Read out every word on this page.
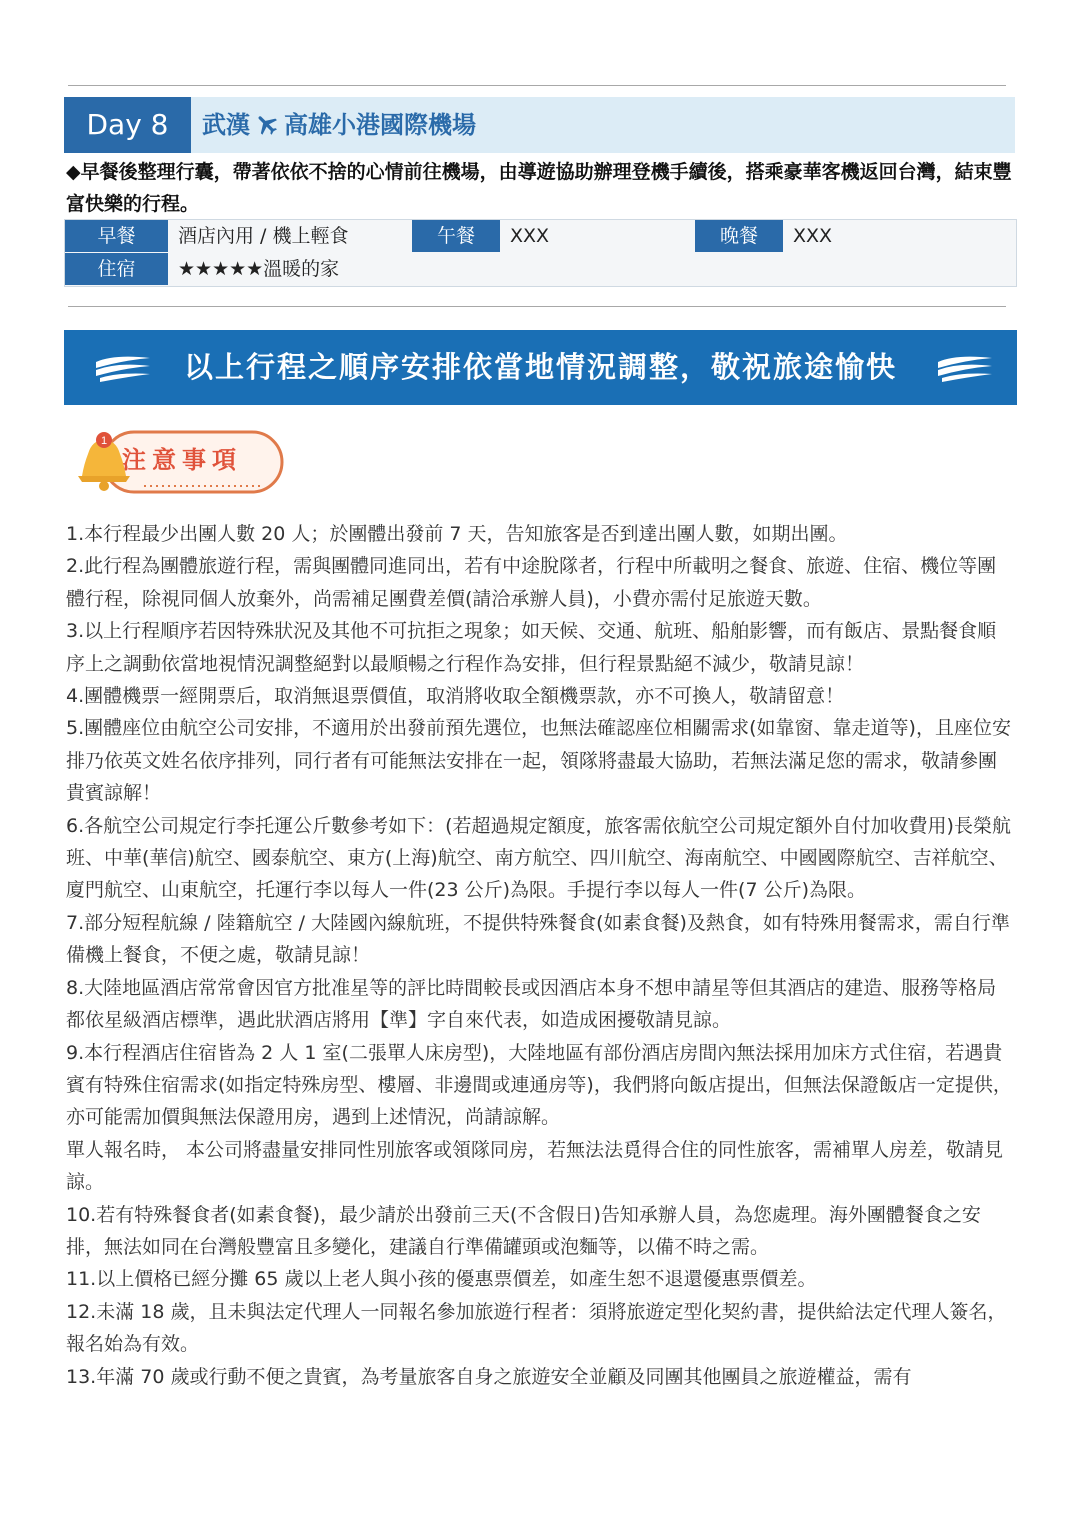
Day 8	武漢 高雄小港國際機場
◆早餐後整理行囊，帶著依依不捨的心情前往機場，由導遊協助辦理登機手續後，搭乘豪華客機返回台灣，結束豐富快樂的行程。
早餐	酒店內用 / 機上輕食	午餐	XXX	晚餐	XXX
住宿	★★★★★溫暖的家
以上行程之順序安排依當地情況調整，敬祝旅途愉快
1
注意事項

1.本行程最少出團人數 20 人；於團體出發前 7 天，告知旅客是否到達出團人數，如期出團。

2.此行程為團體旅遊行程，需與團體同進同出，若有中途脫隊者，行程中所載明之餐食、旅遊、住宿、機位等團體行程，除視同個人放棄外，尚需補足團費差價(請洽承辦人員)，小費亦需付足旅遊天數。

3.以上行程順序若因特殊狀況及其他不可抗拒之現象；如天候、交通、航班、船舶影響，而有飯店、景點餐食順序上之調動依當地視情況調整絕對以最順暢之行程作為安排，但行程景點絕不減少，敬請見諒！

4.團體機票一經開票后，取消無退票價值，取消將收取全額機票款，亦不可換人，敬請留意！

5.團體座位由航空公司安排，不適用於出發前預先選位，也無法確認座位相關需求(如靠窗、靠走道等)，且座位安排乃依英文姓名依序排列，同行者有可能無法安排在一起，領隊將盡最大協助，若無法滿足您的需求，敬請參團貴賓諒解！

6.各航空公司規定行李托運公斤數參考如下：(若超過規定額度，旅客需依航空公司規定額外自付加收費用)長榮航班、中華(華信)航空、國泰航空、東方(上海)航空、南方航空、四川航空、海南航空、中國國際航空、吉祥航空、廈門航空、山東航空，托運行李以每人一件(23 公斤)為限。手提行李以每人一件(7 公斤)為限。

7.部分短程航線 / 陸籍航空 / 大陸國內線航班，不提供特殊餐食(如素食餐)及熱食，如有特殊用餐需求，需自行準備機上餐食，不便之處，敬請見諒！

8.大陸地區酒店常常會因官方批准星等的評比時間較長或因酒店本身不想申請星等但其酒店的建造、服務等格局都依星級酒店標準，遇此狀酒店將用【準】字自來代表，如造成困擾敬請見諒。

9.本行程酒店住宿皆為 2 人 1 室(二張單人床房型)，大陸地區有部份酒店房間內無法採用加床方式住宿，若遇貴賓有特殊住宿需求(如指定特殊房型、樓層、非邊間或連通房等)，我們將向飯店提出，但無法保證飯店一定提供，亦可能需加價與無法保證用房，遇到上述情況，尚請諒解。

單人報名時， 本公司將盡量安排同性別旅客或領隊同房，若無法法覓得合住的同性旅客，需補單人房差，敬請見諒。

10.若有特殊餐食者(如素食餐)，最少請於出發前三天(不含假日)告知承辦人員，為您處理。海外團體餐食之安排，無法如同在台灣般豐富且多變化，建議自行準備罐頭或泡麵等，以備不時之需。

11.以上價格已經分攤 65 歲以上老人與小孩的優惠票價差，如產生恕不退還優惠票價差。

12.未滿 18 歲，且未與法定代理人一同報名參加旅遊行程者：須將旅遊定型化契約書，提供給法定代理人簽名，報名始為有效。

13.年滿 70 歲或行動不便之貴賓，為考量旅客自身之旅遊安全並顧及同團其他團員之旅遊權益，需有
